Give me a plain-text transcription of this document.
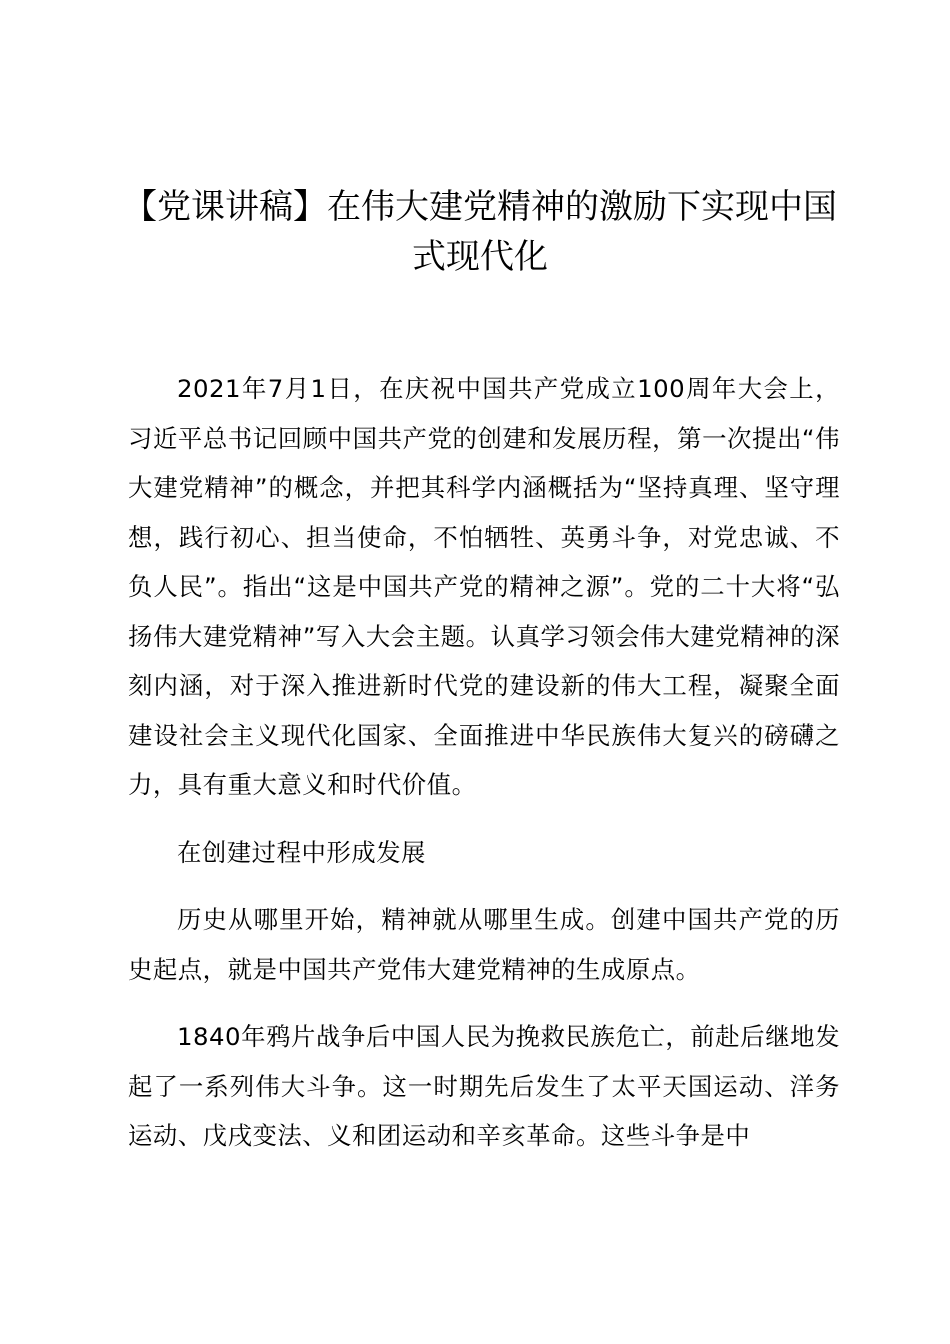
【党课讲稿】在伟大建党精神的激励下实现中国式现代化

2021年7月1日，在庆祝中国共产党成立100周年大会上，习近平总书记回顾中国共产党的创建和发展历程，第一次提出“伟大建党精神”的概念，并把其科学内涵概括为“坚持真理、坚守理想，践行初心、担当使命，不怕牺牲、英勇斗争，对党忠诚、不负人民”。指出“这是中国共产党的精神之源”。党的二十大将“弘扬伟大建党精神”写入大会主题。认真学习领会伟大建党精神的深刻内涵，对于深入推进新时代党的建设新的伟大工程，凝聚全面建设社会主义现代化国家、全面推进中华民族伟大复兴的磅礴之力，具有重大意义和时代价值。

在创建过程中形成发展

历史从哪里开始，精神就从哪里生成。创建中国共产党的历史起点，就是中国共产党伟大建党精神的生成原点。

1840年鸦片战争后中国人民为挽救民族危亡，前赴后继地发起了一系列伟大斗争。这一时期先后发生了太平天国运动、洋务运动、戊戌变法、义和团运动和辛亥革命。这些斗争是中
